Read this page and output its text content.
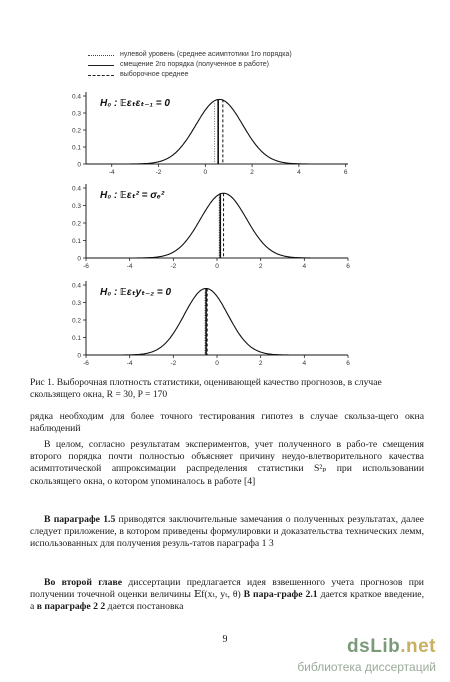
нулевой уровень (среднее асимптотики 1го порядка)
смещение 2го порядка (полученное в работе)
выборочное среднее
0.4
0.3
0.2
0.1
0
-4	-2	0	2	4	6
H₀ : 𝔼εₜεₜ₋₁ = 0
0.4
0.3
0.2
0.1
0
-6	-4	-2	0	2	4	6
H₀ : 𝔼εₜ² = σₑ²
0.4
0.3
0.2
0.1
0
-6	-4	-2	0	2	4	6
H₀ : 𝔼εₜyₜ₋₂ = 0
Рис 1. Выборочная плотность статистики, оценивающей качество прогнозов, в случае скользящего окна, R = 30, P = 170
рядка необходим для более точного тестирования гипотез в случае скольза-щего окна наблюдений
В целом, согласно результатам экспериментов, учет полученного в рабо-те смещения второго порядка почти полностью объясняет причину неудо-влетворительного качества асимптотической аппроксимации распределения статистики S²ₚ при использовании скользящего окна, о котором упоминалось в работе [4]
В параграфе 1.5 приводятся заключительные замечания о полученных результатах, далее следует приложение, в котором приведены формулировки и доказательства технических лемм, использованных для получения резуль-татов параграфа 1 3
Во второй главе диссертации предлагается идея взвешенного учета прогнозов при получении точечной оценки величины 𝔼f(xₜ, yₜ, θ) В пара-графе 2.1 дается краткое введение, а в параграфе 2 2 дается постановка
9	dsLib.net
библиотека диссертаций
